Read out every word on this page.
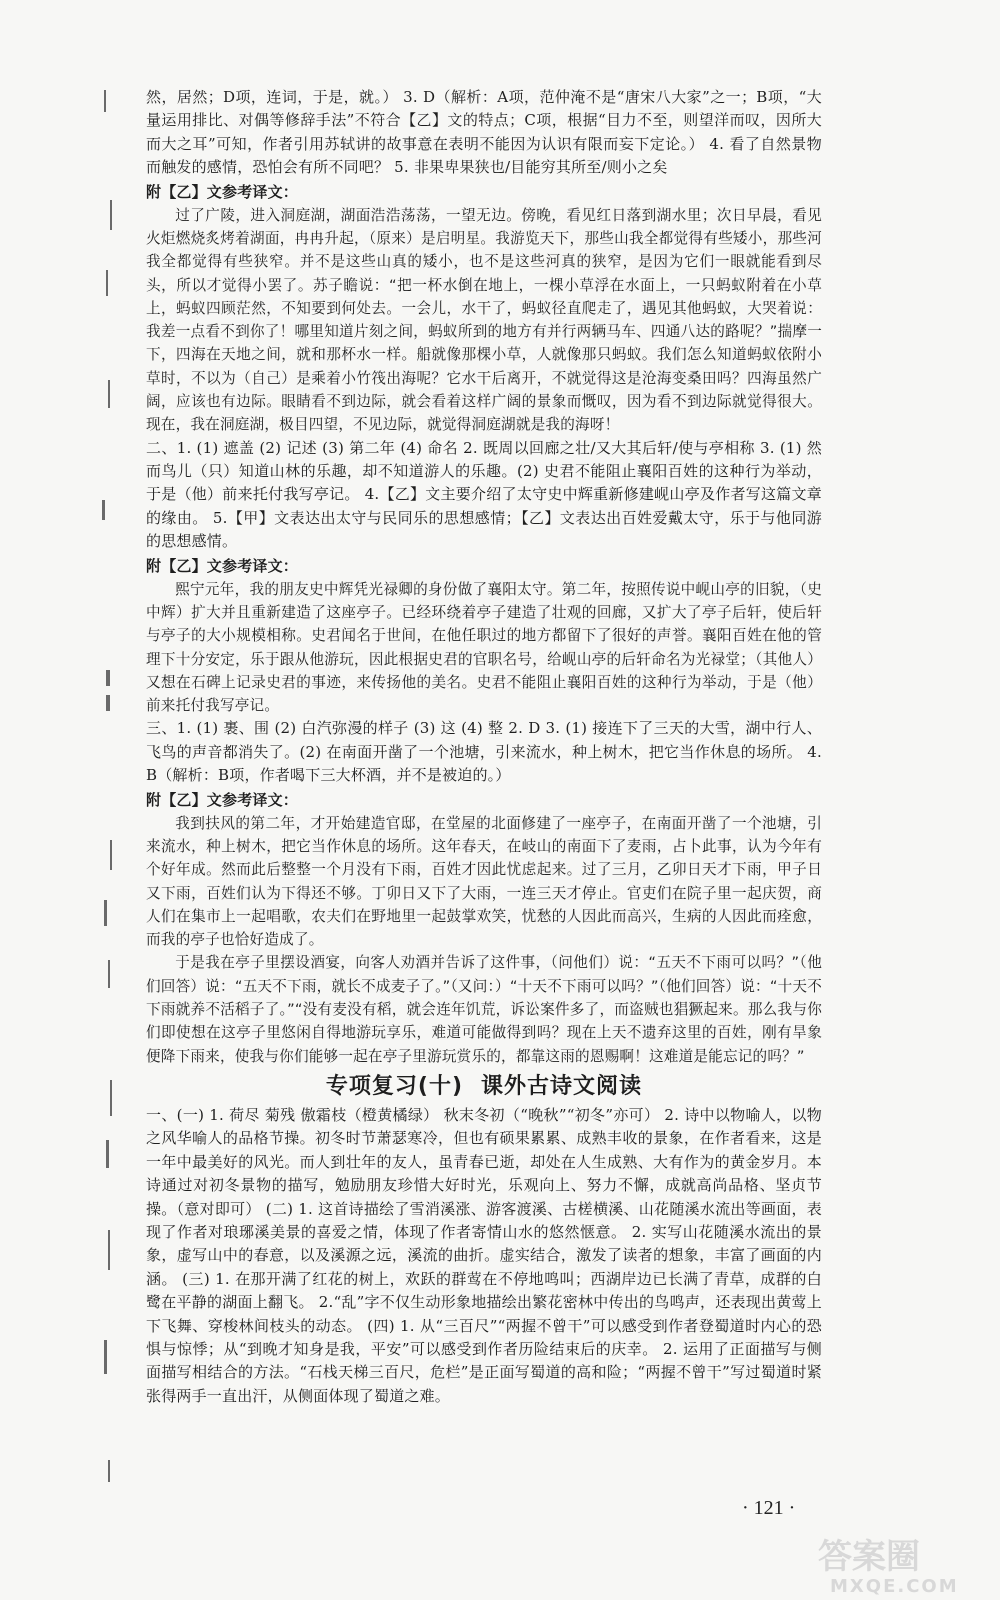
然，居然；D项，连词，于是，就。） 3. D（解析：A项，范仲淹不是“唐宋八大家”之一；B项，“大量运用排比、对偶等修辞手法”不符合【乙】文的特点；C项，根据“目力不至，则望洋而叹，因所大而大之耳”可知，作者引用苏轼讲的故事意在表明不能因为认识有限而妄下定论。） 4. 看了自然景物而触发的感情，恐怕会有所不同吧？ 5. 非果卑果狭也/目能穷其所至/则小之矣

附【乙】文参考译文：

过了广陵，进入洞庭湖，湖面浩浩荡荡，一望无边。傍晚，看见红日落到湖水里；次日早晨，看见火炬燃烧炙烤着湖面，冉冉升起，（原来）是启明星。我游览天下，那些山我全都觉得有些矮小，那些河我全都觉得有些狭窄。并不是这些山真的矮小，也不是这些河真的狭窄，是因为它们一眼就能看到尽头，所以才觉得小罢了。苏子瞻说：“把一杯水倒在地上，一棵小草浮在水面上，一只蚂蚁附着在小草上，蚂蚁四顾茫然，不知要到何处去。一会儿，水干了，蚂蚁径直爬走了，遇见其他蚂蚁，大哭着说：我差一点看不到你了！哪里知道片刻之间，蚂蚁所到的地方有并行两辆马车、四通八达的路呢？”揣摩一下，四海在天地之间，就和那杯水一样。船就像那棵小草，人就像那只蚂蚁。我们怎么知道蚂蚁依附小草时，不以为（自己）是乘着小竹筏出海呢？它水干后离开，不就觉得这是沧海变桑田吗？四海虽然广阔，应该也有边际。眼睛看不到边际，就会看着这样广阔的景象而慨叹，因为看不到边际就觉得很大。现在，我在洞庭湖，极目四望，不见边际，就觉得洞庭湖就是我的海呀！

二、1. (1) 遮盖 (2) 记述 (3) 第二年 (4) 命名 2. 既周以回廊之壮/又大其后轩/使与亭相称 3. (1) 然而鸟儿（只）知道山林的乐趣，却不知道游人的乐趣。(2) 史君不能阻止襄阳百姓的这种行为举动，于是（他）前来托付我写亭记。 4.【乙】文主要介绍了太守史中辉重新修建岘山亭及作者写这篇文章的缘由。 5.【甲】文表达出太守与民同乐的思想感情；【乙】文表达出百姓爱戴太守，乐于与他同游的思想感情。

附【乙】文参考译文：

熙宁元年，我的朋友史中辉凭光禄卿的身份做了襄阳太守。第二年，按照传说中岘山亭的旧貌，（史中辉）扩大并且重新建造了这座亭子。已经环绕着亭子建造了壮观的回廊，又扩大了亭子后轩，使后轩与亭子的大小规模相称。史君闻名于世间，在他任职过的地方都留下了很好的声誉。襄阳百姓在他的管理下十分安定，乐于跟从他游玩，因此根据史君的官职名号，给岘山亭的后轩命名为光禄堂；（其他人）又想在石碑上记录史君的事迹，来传扬他的美名。史君不能阻止襄阳百姓的这种行为举动，于是（他）前来托付我写亭记。

三、1. (1) 裹、围 (2) 白汽弥漫的样子 (3) 这 (4) 整 2. D 3. (1) 接连下了三天的大雪，湖中行人、飞鸟的声音都消失了。(2) 在南面开凿了一个池塘，引来流水，种上树木，把它当作休息的场所。 4. B（解析：B项，作者喝下三大杯酒，并不是被迫的。）

附【乙】文参考译文：

我到扶风的第二年，才开始建造官邸，在堂屋的北面修建了一座亭子，在南面开凿了一个池塘，引来流水，种上树木，把它当作休息的场所。这年春天，在岐山的南面下了麦雨，占卜此事，认为今年有个好年成。然而此后整整一个月没有下雨，百姓才因此忧虑起来。过了三月，乙卯日天才下雨，甲子日又下雨，百姓们认为下得还不够。丁卯日又下了大雨，一连三天才停止。官吏们在院子里一起庆贺，商人们在集市上一起唱歌，农夫们在野地里一起鼓掌欢笑，忧愁的人因此而高兴，生病的人因此而痊愈，而我的亭子也恰好造成了。

于是我在亭子里摆设酒宴，向客人劝酒并告诉了这件事，（问他们）说：“五天不下雨可以吗？”（他们回答）说：“五天不下雨，就长不成麦子了。”（又问：）“十天不下雨可以吗？”（他们回答）说：“十天不下雨就养不活稻子了。”“没有麦没有稻，就会连年饥荒，诉讼案件多了，而盗贼也猖獗起来。那么我与你们即使想在这亭子里悠闲自得地游玩享乐，难道可能做得到吗？现在上天不遗弃这里的百姓，刚有旱象便降下雨来，使我与你们能够一起在亭子里游玩赏乐的，都靠这雨的恩赐啊！这难道是能忘记的吗？”

专项复习(十) 课外古诗文阅读

一、(一) 1. 荷尽 菊残 傲霜枝（橙黄橘绿） 秋末冬初（“晚秋”“初冬”亦可） 2. 诗中以物喻人，以物之风华喻人的品格节操。初冬时节萧瑟寒冷，但也有硕果累累、成熟丰收的景象，在作者看来，这是一年中最美好的风光。而人到壮年的友人，虽青春已逝，却处在人生成熟、大有作为的黄金岁月。本诗通过对初冬景物的描写，勉励朋友珍惜大好时光，乐观向上、努力不懈，成就高尚品格、坚贞节操。（意对即可） (二) 1. 这首诗描绘了雪消溪涨、游客渡溪、古槎横溪、山花随溪水流出等画面，表现了作者对琅琊溪美景的喜爱之情，体现了作者寄情山水的悠然惬意。 2. 实写山花随溪水流出的景象，虚写山中的春意，以及溪源之远，溪流的曲折。虚实结合，激发了读者的想象，丰富了画面的内涵。 (三) 1. 在那开满了红花的树上，欢跃的群莺在不停地鸣叫；西湖岸边已长满了青草，成群的白鹭在平静的湖面上翻飞。 2.“乱”字不仅生动形象地描绘出繁花密林中传出的鸟鸣声，还表现出黄莺上下飞舞、穿梭林间枝头的动态。 (四) 1. 从“三百尺”“两握不曾干”可以感受到作者登蜀道时内心的恐惧与惊悸；从“到晚才知身是我，平安”可以感受到作者历险结束后的庆幸。 2. 运用了正面描写与侧面描写相结合的方法。“石栈天梯三百尺，危栏”是正面写蜀道的高和险；“两握不曾干”写过蜀道时紧张得两手一直出汗，从侧面体现了蜀道之难。

· 121 ·
答案圈
MXQE.COM
